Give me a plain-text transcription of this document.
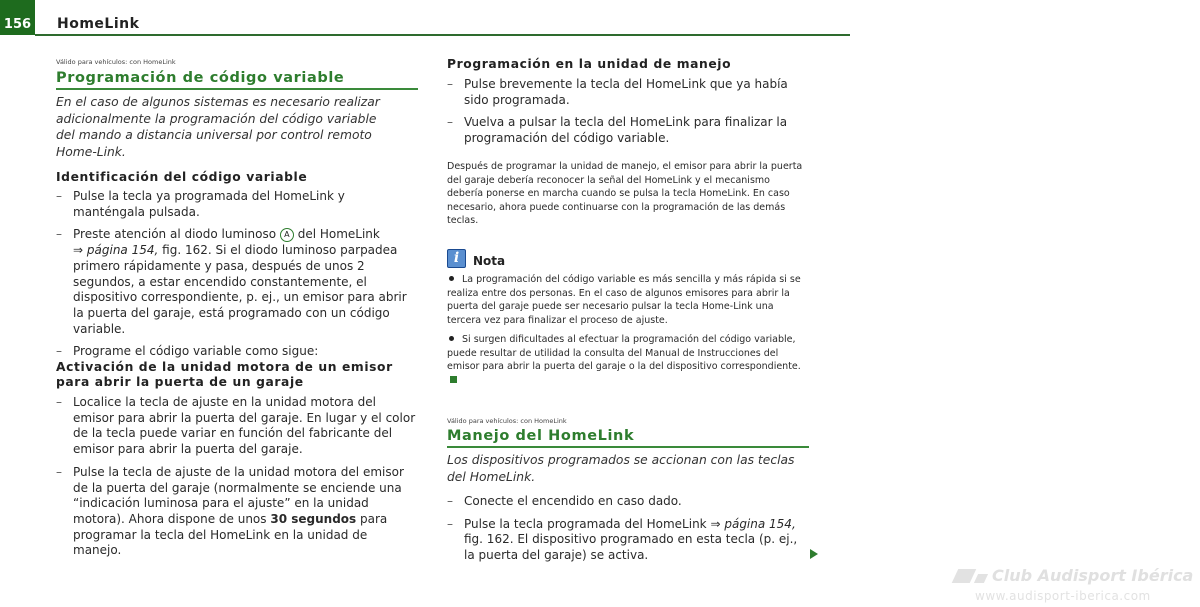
156 HomeLink
Válido para vehículos: con HomeLink
Programación de código variable
En el caso de algunos sistemas es necesario realizar adicionalmente la programación del código variable del mando a distancia universal por control remoto Home-Link.
Identificación del código variable
– Pulse la tecla ya programada del HomeLink y manténgala pulsada.
– Preste atención al diodo luminoso A del HomeLink
⇒ página 154, fig. 162. Si el diodo luminoso parpadea primero rápidamente y pasa, después de unos 2 segundos, a estar encendido constantemente, el dispositivo correspondiente, p. ej., un emisor para abrir la puerta del garaje, está programado con un código variable.
– Programe el código variable como sigue:
Activación de la unidad motora de un emisor para abrir la puerta de un garaje
– Localice la tecla de ajuste en la unidad motora del emisor para abrir la puerta del garaje. En lugar y el color de la tecla puede variar en función del fabricante del emisor para abrir la puerta del garaje.
– Pulse la tecla de ajuste de la unidad motora del emisor de la puerta del garaje (normalmente se enciende una “indicación luminosa para el ajuste” en la unidad motora). Ahora dispone de unos 30 segundos para programar la tecla del HomeLink en la unidad de manejo.
Programación en la unidad de manejo
– Pulse brevemente la tecla del HomeLink que ya había sido programada.
– Vuelva a pulsar la tecla del HomeLink para finalizar la programación del código variable.
Después de programar la unidad de manejo, el emisor para abrir la puerta del garaje debería reconocer la señal del HomeLink y el mecanismo debería ponerse en marcha cuando se pulsa la tecla HomeLink. En caso necesario, ahora puede continuarse con la programación de las demás teclas.
i	Nota
La programación del código variable es más sencilla y más rápida si se realiza entre dos personas. En el caso de algunos emisores para abrir la puerta del garaje puede ser necesario pulsar la tecla Home-Link una tercera vez para finalizar el proceso de ajuste.
Si surgen dificultades al efectuar la programación del código variable, puede resultar de utilidad la consulta del Manual de Instrucciones del emisor para abrir la puerta del garaje o la del dispositivo correspondiente.
Válido para vehículos: con HomeLink
Manejo del HomeLink
Los dispositivos programados se accionan con las teclas del HomeLink.
– Conecte el encendido en caso dado.
– Pulse la tecla programada del HomeLink ⇒ página 154, fig. 162. El dispositivo programado en esta tecla (p. ej., la puerta del garaje) se activa.
Club Audisport Ibérica
www.audisport-iberica.com
